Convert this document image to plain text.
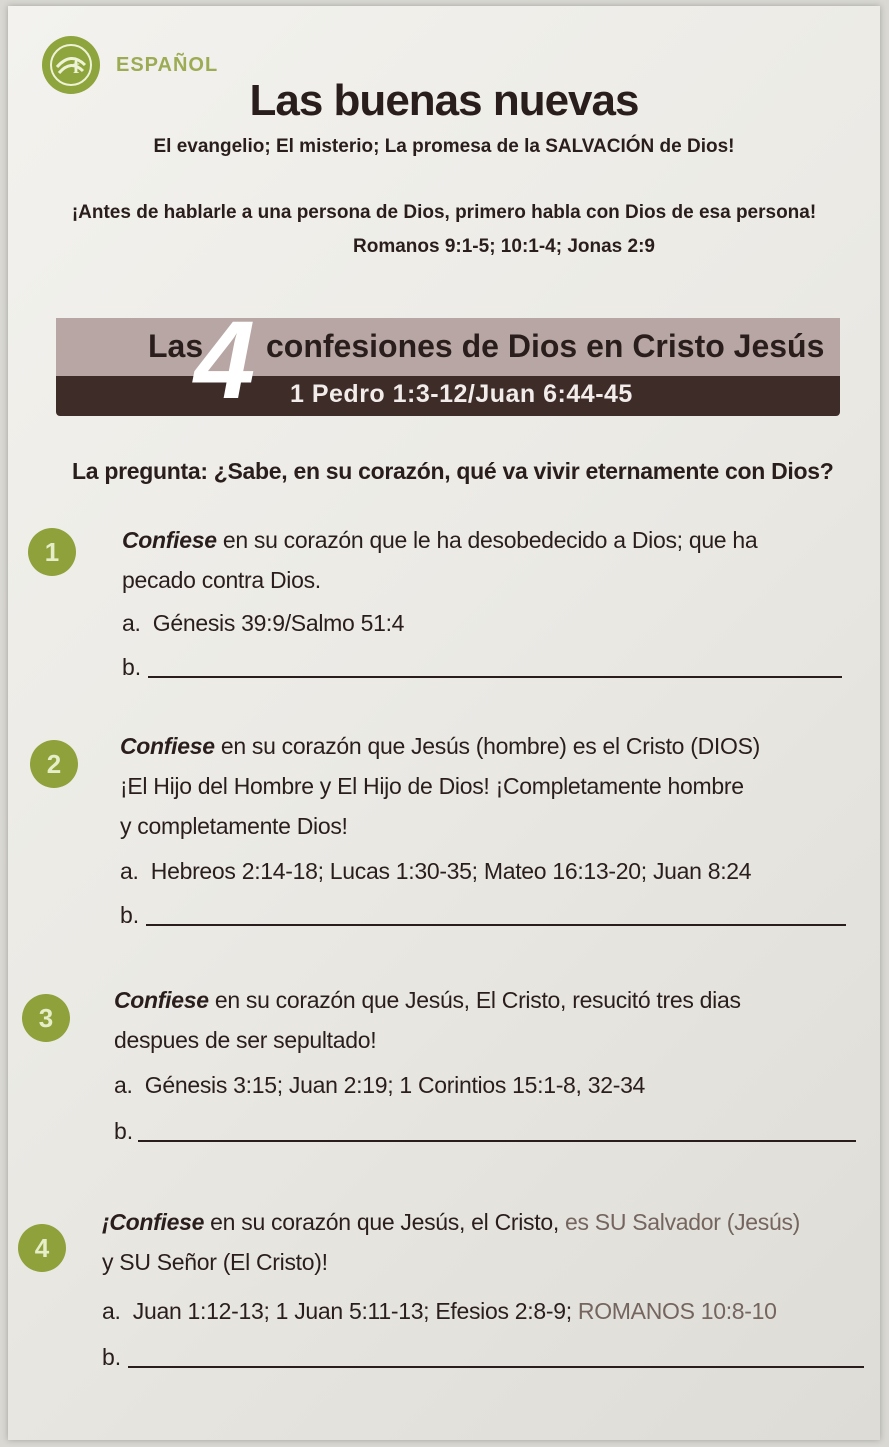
f ESPAÑOL
Las buenas nuevas
El evangelio; El misterio; La promesa de la SALVACIÓN de Dios!
¡Antes de hablarle a una persona de Dios, primero habla con Dios de esa persona!
Romanos 9:1-5; 10:1-4; Jonas 2:9
Las
4 confesiones de Dios en Cristo Jesús
1 Pedro 1:3-12/Juan 6:44-45
La pregunta: ¿Sabe, en su corazón, qué va vivir eternamente con Dios?
1	Confiese en su corazón que le ha desobedecido a Dios; que ha
pecado contra Dios.
a. Génesis 39:9/Salmo 51:4
b.
2
Confiese en su corazón que Jesús (hombre) es el Cristo (DIOS)
¡El Hijo del Hombre y El Hijo de Dios! ¡Completamente hombre
y completamente Dios!
a. Hebreos 2:14-18; Lucas 1:30-35; Mateo 16:13-20; Juan 8:24
b.
3
Confiese en su corazón que Jesús, El Cristo, resucitó tres dias
despues de ser sepultado!
a. Génesis 3:15; Juan 2:19; 1 Corintios 15:1-8, 32-34
b.
4
¡Confiese en su corazón que Jesús, el Cristo, es SU Salvador (Jesús)
y SU Señor (El Cristo)!
a. Juan 1:12-13; 1 Juan 5:11-13; Efesios 2:8-9; ROMANOS 10:8-10
b.
